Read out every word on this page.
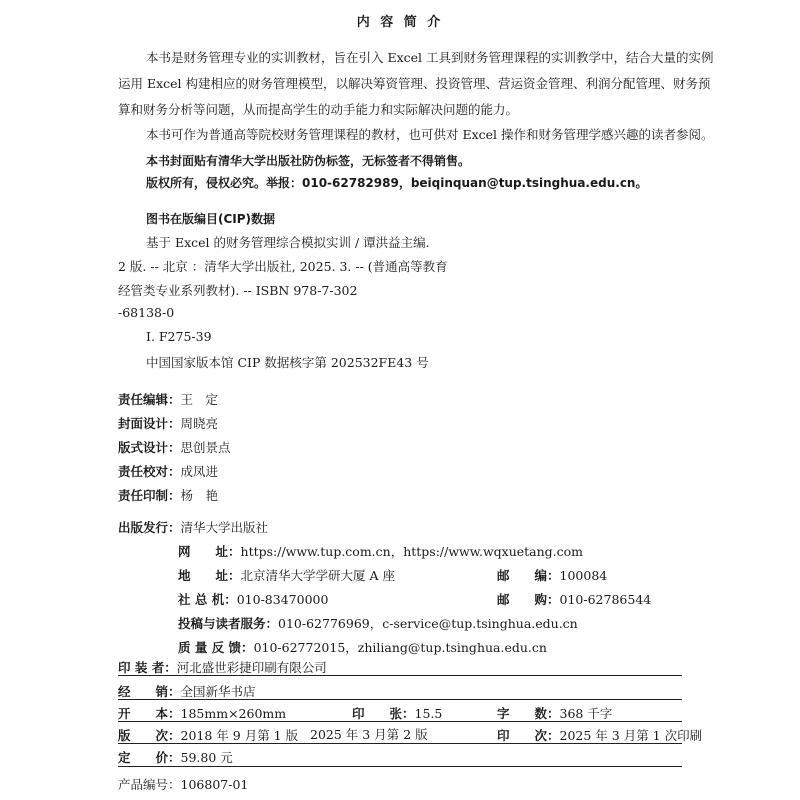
内 容 简 介
本书是财务管理专业的实训教材，旨在引入 Excel 工具到财务管理课程的实训教学中，结合大量的实例
运用 Excel 构建相应的财务管理模型，以解决筹资管理、投资管理、营运资金管理、利润分配管理、财务预
算和财务分析等问题，从而提高学生的动手能力和实际解决问题的能力。
本书可作为普通高等院校财务管理课程的教材，也可供对 Excel 操作和财务管理学感兴趣的读者参阅。
本书封面贴有清华大学出版社防伪标签，无标签者不得销售。
版权所有，侵权必究。举报：010-62782989，beiqinquan@tup.tsinghua.edu.cn。
图书在版编目(CIP)数据
基于 Excel 的财务管理综合模拟实训 / 谭洪益主编.
2 版. -- 北京 ：清华大学出版社, 2025. 3. -- (普通高等教育
经管类专业系列教材). -- ISBN 978-7-302
-68138-0
Ⅰ. F275-39
中国国家版本馆 CIP 数据核字第 202532FE43 号
责任编辑：王　定
封面设计：周晓亮
版式设计：思创景点
责任校对：成凤进
责任印制：杨　艳
出版发行：清华大学出版社
网　　址：https://www.tup.com.cn，https://www.wqxuetang.com
地　　址：北京清华大学学研大厦 A 座	邮　　编：100084
社 总 机：010-83470000	邮　　购：010-62786544
投稿与读者服务：010-62776969，c-service@tup.tsinghua.edu.cn
质 量 反 馈：010-62772015，zhiliang@tup.tsinghua.edu.cn
印 装 者：河北盛世彩捷印刷有限公司
经　　销：全国新华书店
开　　本：185mm×260mm	印　　张：15.5	字　　数：368 千字
版　　次：2018 年 9 月第 1 版 2025 年 3 月第 2 版	印　　次：2025 年 3 月第 1 次印刷
定　　价：59.80 元
产品编号：106807-01
